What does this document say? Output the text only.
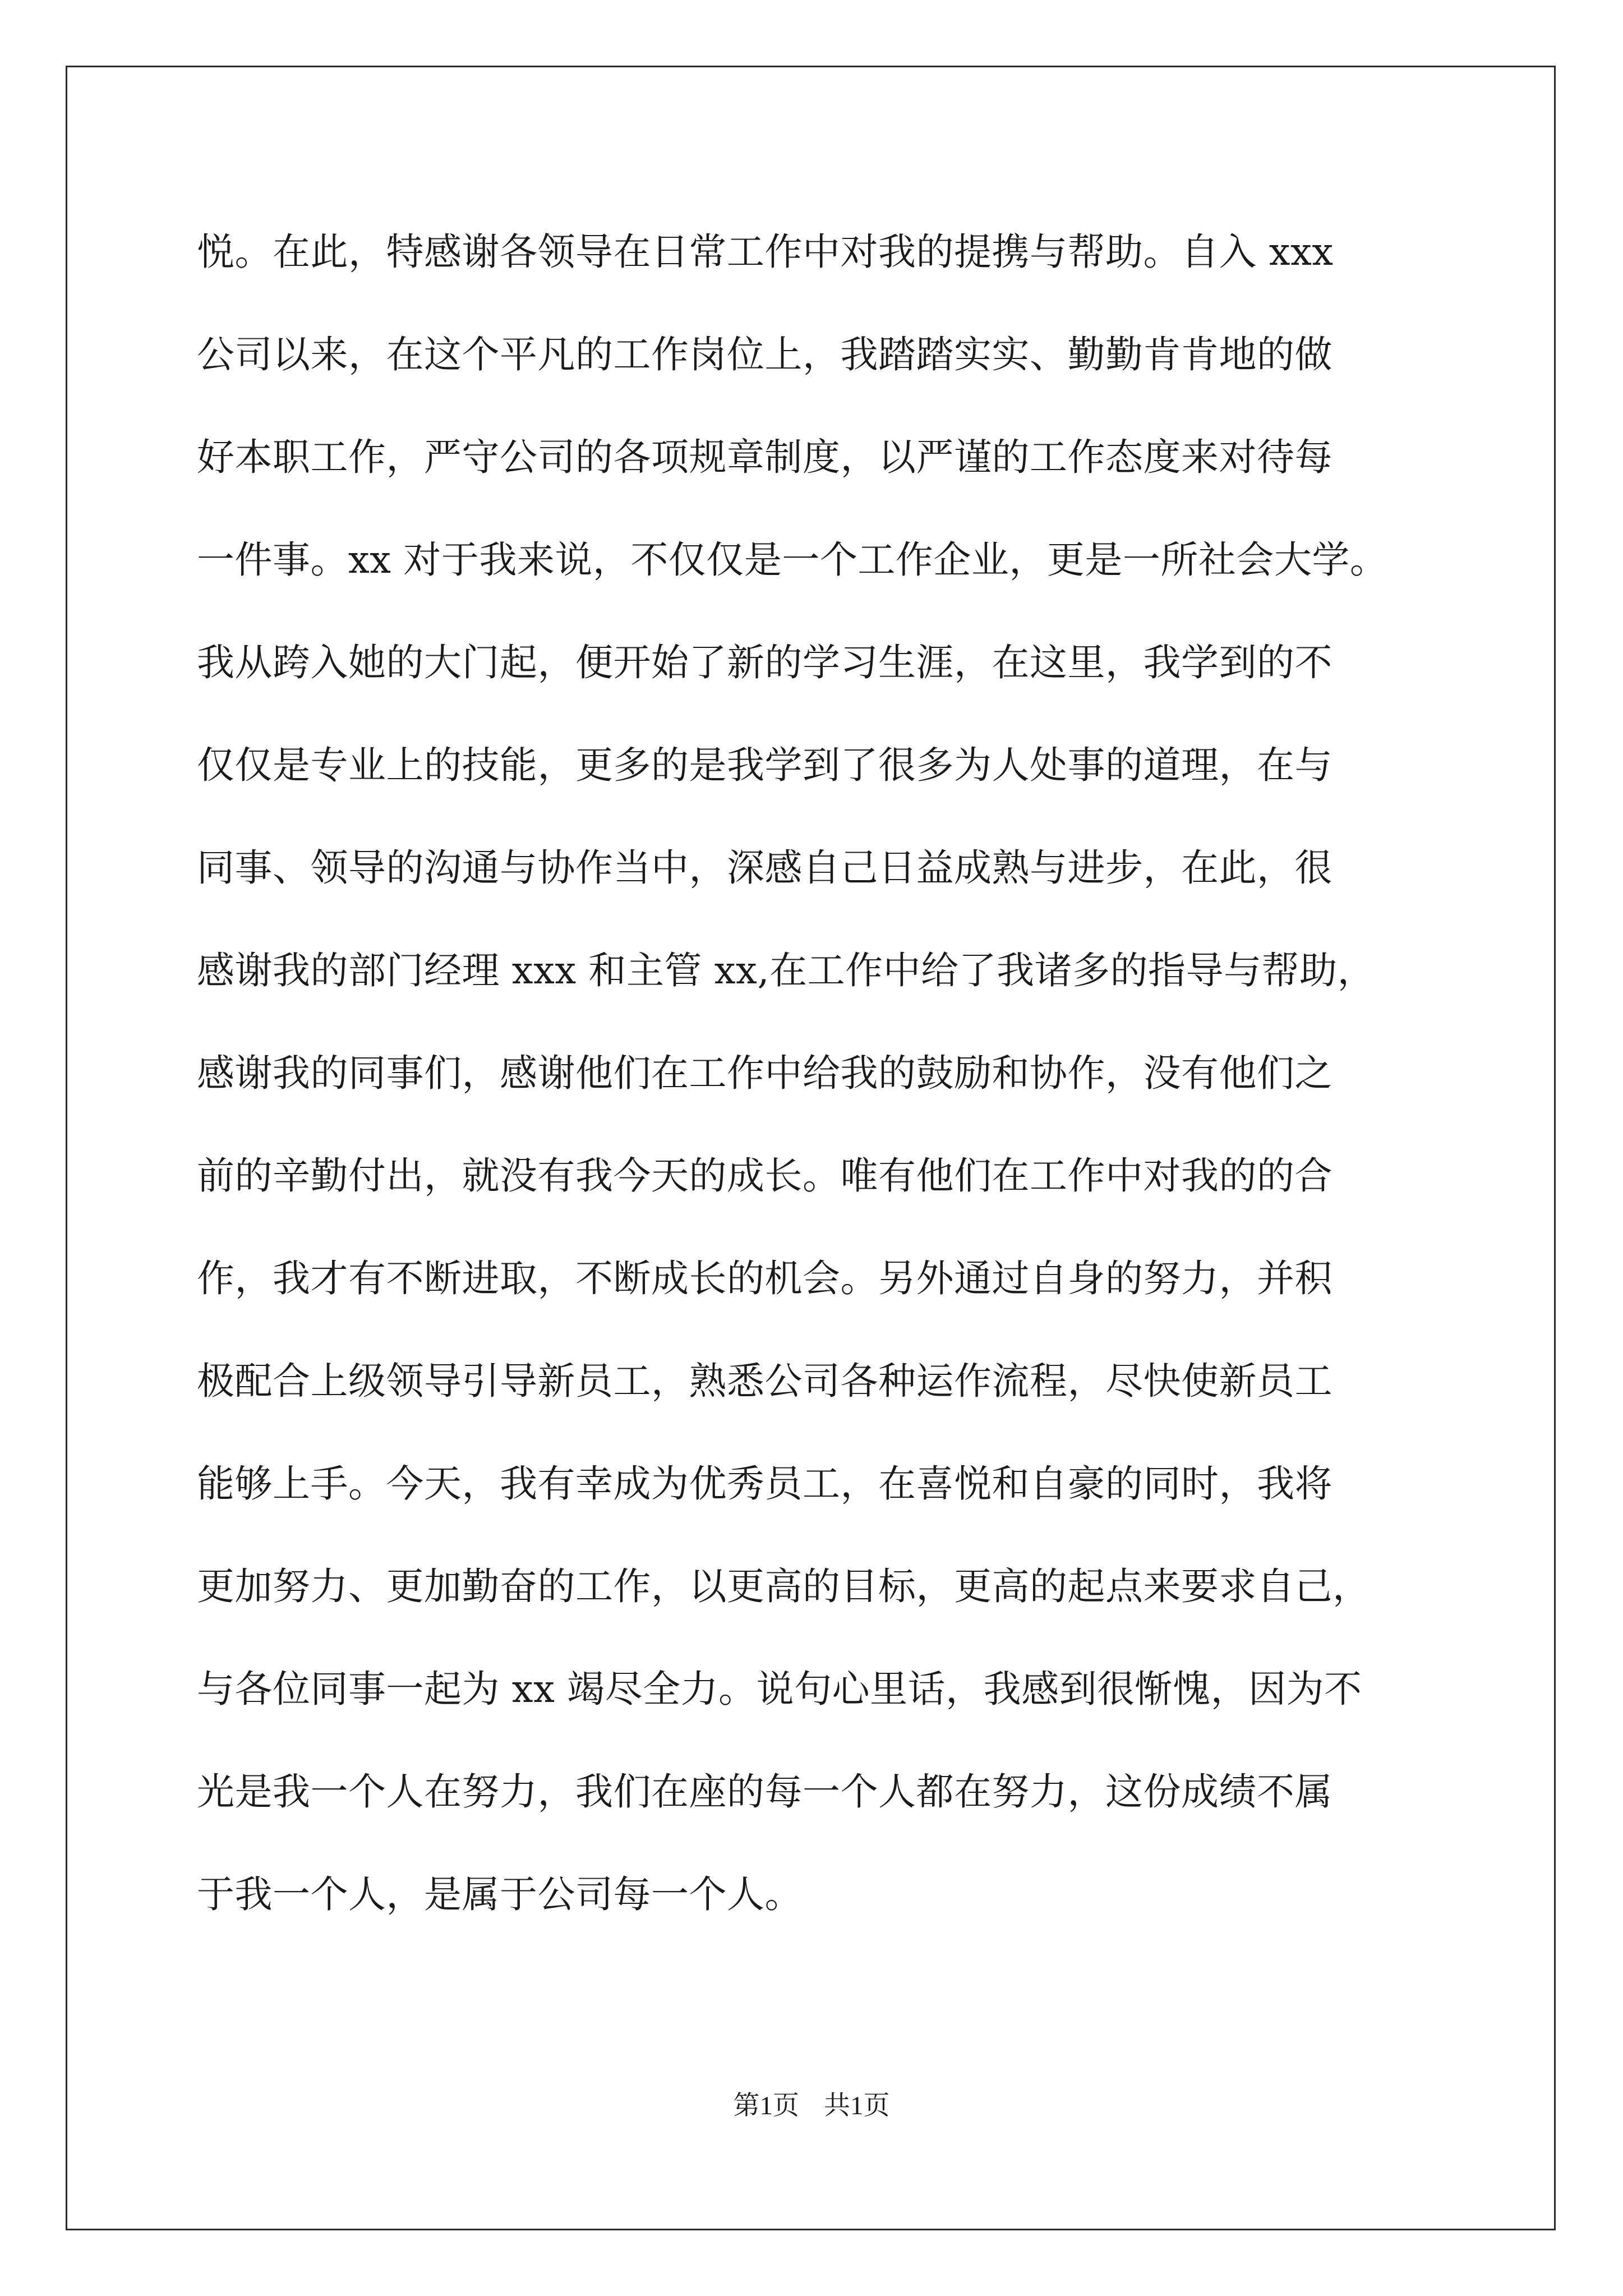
悦。在此，特感谢各领导在日常工作中对我的提携与帮助。自入 xxx
公司以来，在这个平凡的工作岗位上，我踏踏实实、勤勤肯肯地的做
好本职工作，严守公司的各项规章制度，以严谨的工作态度来对待每
一件事。xx 对于我来说，不仅仅是一个工作企业，更是一所社会大学。
我从跨入她的大门起，便开始了新的学习生涯，在这里，我学到的不
仅仅是专业上的技能，更多的是我学到了很多为人处事的道理，在与
同事、领导的沟通与协作当中，深感自己日益成熟与进步，在此，很
感谢我的部门经理 xxx 和主管 xx,在工作中给了我诸多的指导与帮助，
感谢我的同事们，感谢他们在工作中给我的鼓励和协作，没有他们之
前的辛勤付出，就没有我今天的成长。唯有他们在工作中对我的的合
作，我才有不断进取，不断成长的机会。另外通过自身的努力，并积
极配合上级领导引导新员工，熟悉公司各种运作流程，尽快使新员工
能够上手。今天，我有幸成为优秀员工，在喜悦和自豪的同时，我将
更加努力、更加勤奋的工作，以更高的目标，更高的起点来要求自己，
与各位同事一起为 xx 竭尽全力。说句心里话，我感到很惭愧，因为不
光是我一个人在努力，我们在座的每一个人都在努力，这份成绩不属
于我一个人，是属于公司每一个人。
第1页 共1页
